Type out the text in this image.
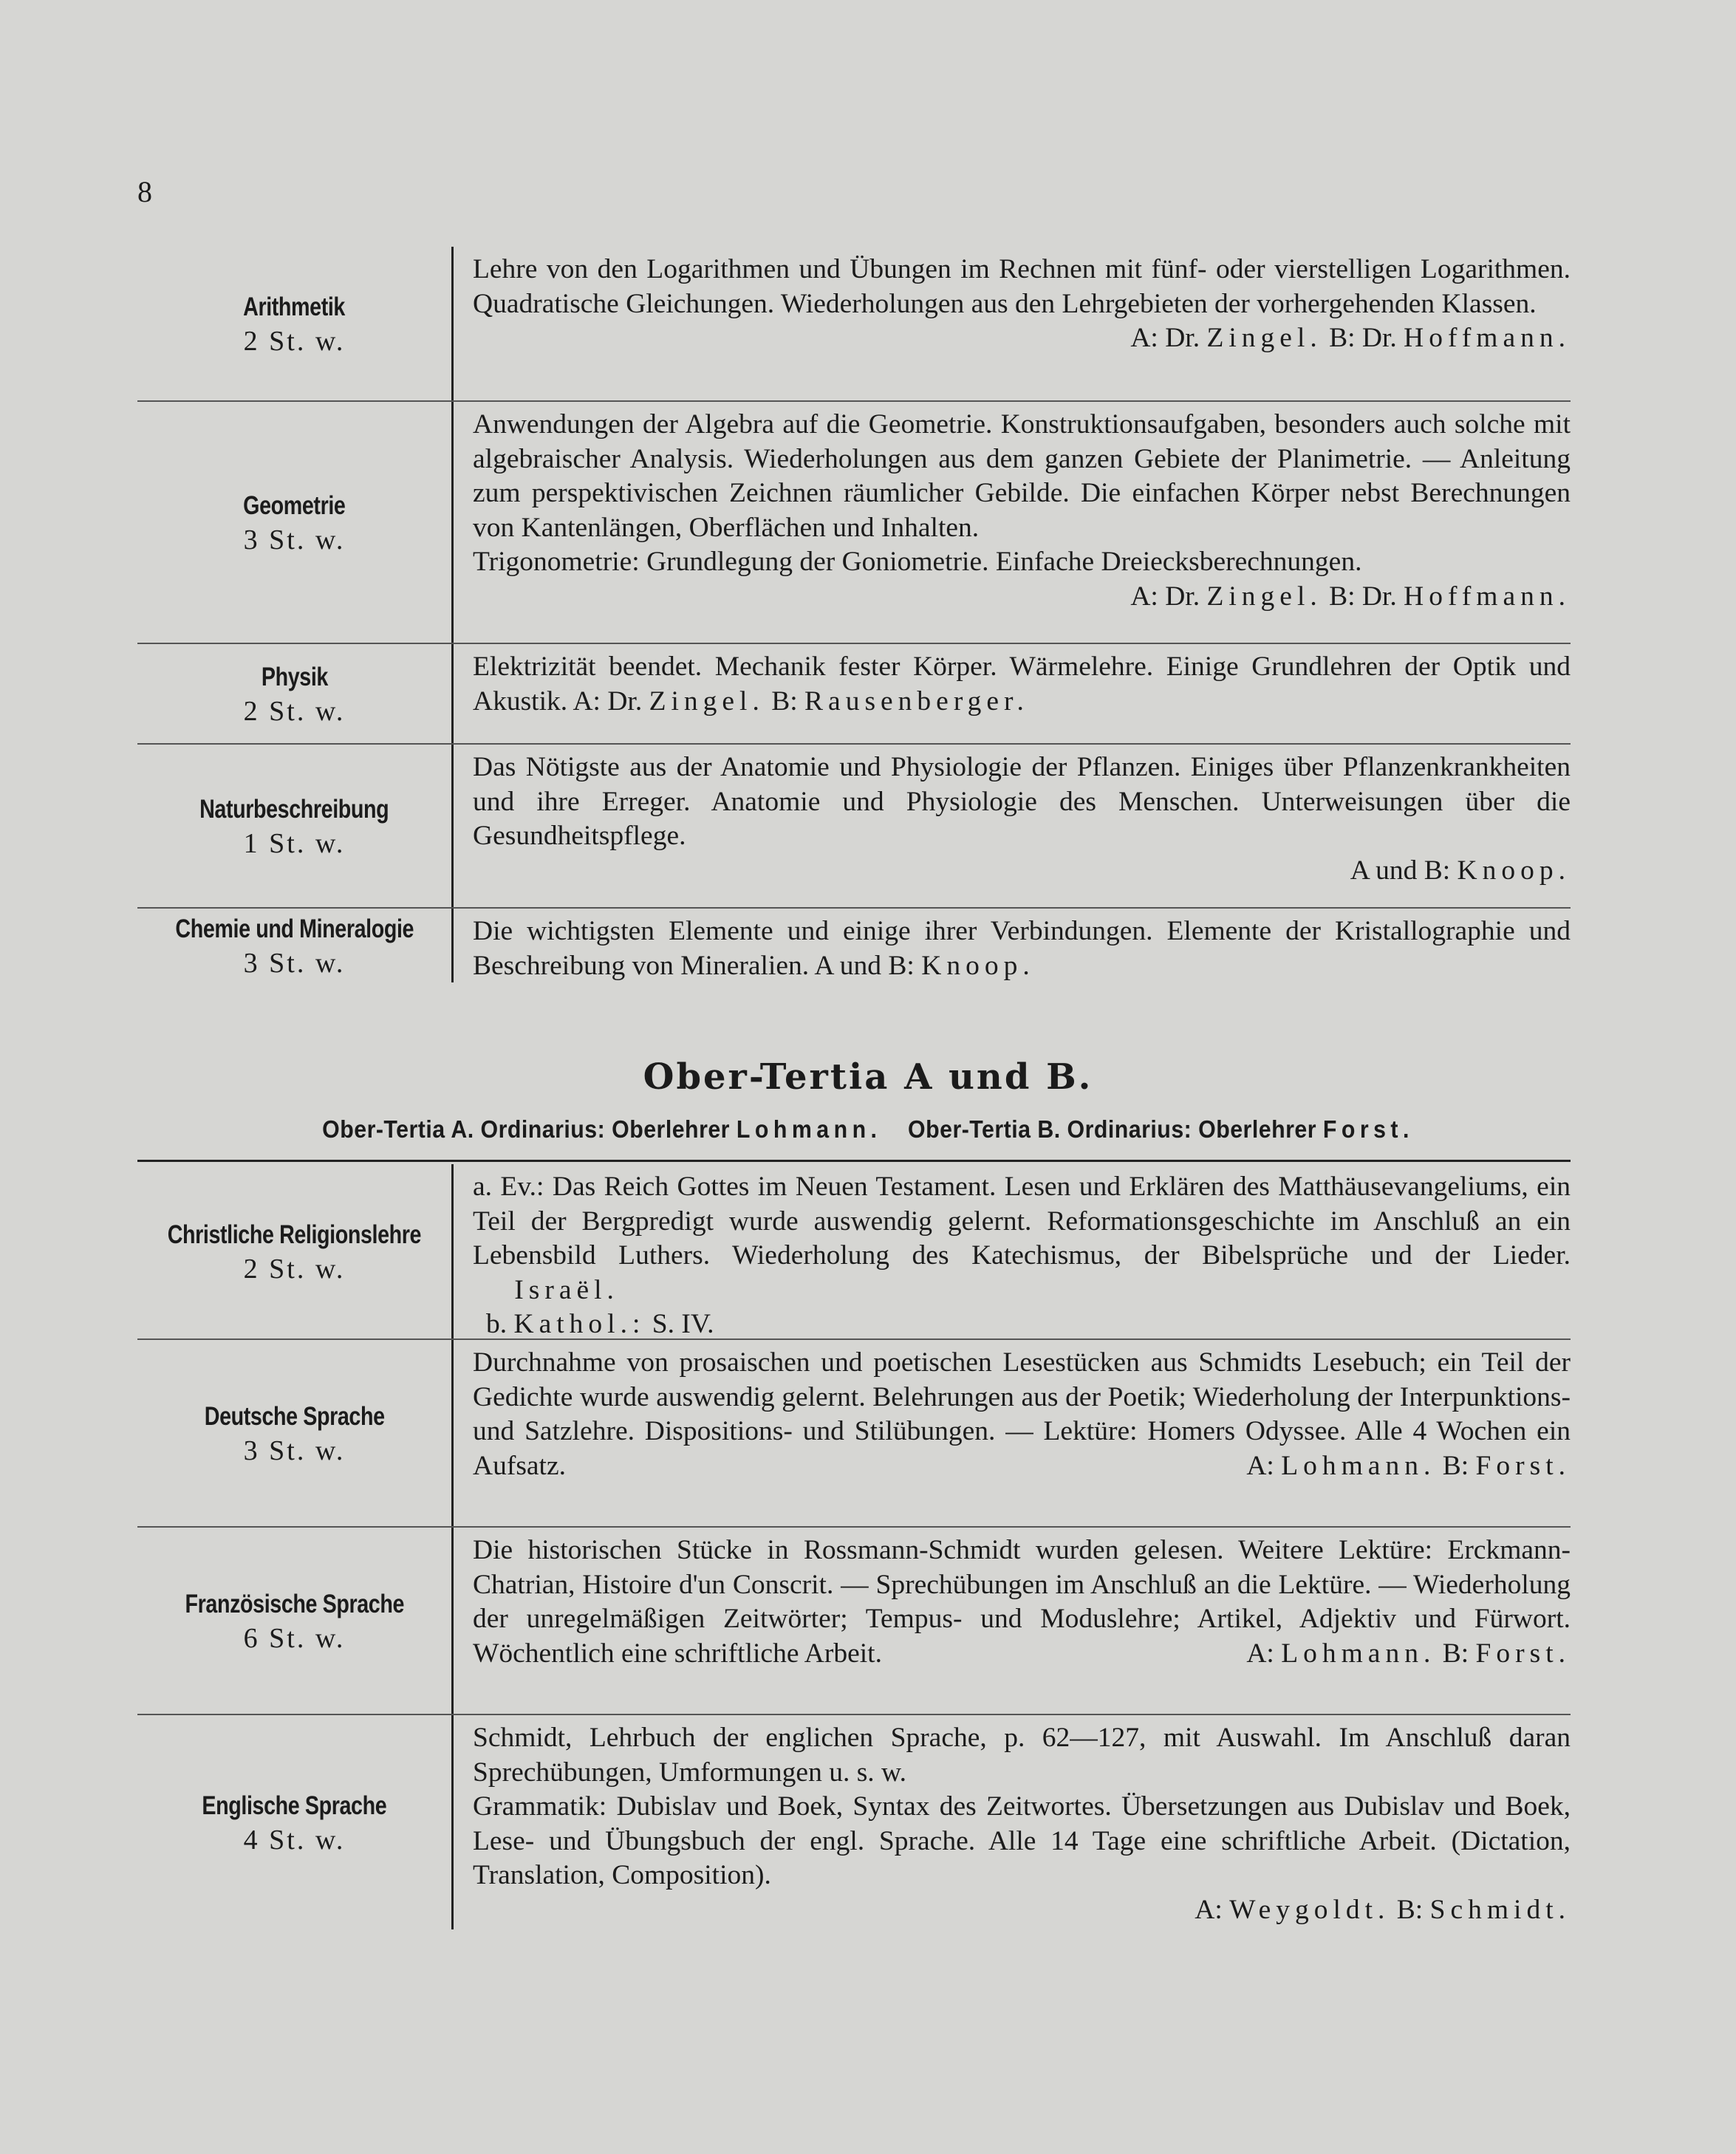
8
Arithmetik
2 St. w.
Lehre von den Logarithmen und Übungen im Rechnen mit fünf- oder vierstelligen Logarithmen. Quadratische Gleichungen. Wiederholungen aus den Lehrgebieten der vorhergehenden Klassen.
A: Dr. Zingel. B: Dr. Hoffmann.
Geometrie
3 St. w.
Anwendungen der Algebra auf die Geometrie. Konstruktionsaufgaben, besonders auch solche mit algebraischer Analysis. Wiederholungen aus dem ganzen Gebiete der Planimetrie. — Anleitung zum perspektivischen Zeichnen räumlicher Gebilde. Die einfachen Körper nebst Berechnungen von Kantenlängen, Oberflächen und Inhalten.
Trigonometrie: Grundlegung der Goniometrie. Einfache Dreiecksberechnungen.
A: Dr. Zingel. B: Dr. Hoffmann.
Physik
2 St. w.
Elektrizität beendet. Mechanik fester Körper. Wärmelehre. Einige Grundlehren der Optik und Akustik. A: Dr. Zingel. B: Rausenberger.
Naturbeschreibung
1 St. w.
Das Nötigste aus der Anatomie und Physiologie der Pflanzen. Einiges über Pflanzenkrankheiten und ihre Erreger. Anatomie und Physiologie des Menschen. Unterweisungen über die Gesundheitspflege.
A und B: Knoop.
Chemie und Mineralogie
3 St. w.
Die wichtigsten Elemente und einige ihrer Verbindungen. Elemente der Kristallographie und Beschreibung von Mineralien. A und B: Knoop.
Ober-Tertia A und B.
Ober-Tertia A. Ordinarius: Oberlehrer Lohmann. Ober-Tertia B. Ordinarius: Oberlehrer Forst.
Christliche Religionslehre
2 St. w.
a. Ev.: Das Reich Gottes im Neuen Testament. Lesen und Erklären des Matthäusevangeliums, ein Teil der Bergpredigt wurde auswendig gelernt. Reformationsgeschichte im Anschluß an ein Lebensbild Luthers. Wiederholung des Katechismus, der Bibelsprüche und der Lieder.       Israël.
b. Kathol.: S. IV.
Deutsche Sprache
3 St. w.
Durchnahme von prosaischen und poetischen Lesestücken aus Schmidts Lesebuch; ein Teil der Gedichte wurde auswendig gelernt. Belehrungen aus der Poetik; Wiederholung der Interpunktions- und Satzlehre. Dispositions- und Stilübungen. — Lektüre: Homers Odyssee. Alle 4 Wochen ein Aufsatz.	A: Lohmann. B: Forst.
Französische Sprache
6 St. w.
Die historischen Stücke in Rossmann-Schmidt wurden gelesen. Weitere Lektüre: Erckmann-Chatrian, Histoire d'un Conscrit. — Sprechübungen im Anschluß an die Lektüre. — Wiederholung der unregelmäßigen Zeitwörter; Tempus- und Moduslehre; Artikel, Adjektiv und Fürwort. Wöchentlich eine schriftliche Arbeit.	A: Lohmann. B: Forst.
Englische Sprache
4 St. w.
Schmidt, Lehrbuch der englichen Sprache, p. 62—127, mit Auswahl. Im Anschluß daran Sprechübungen, Umformungen u. s. w.
Grammatik: Dubislav und Boek, Syntax des Zeitwortes. Übersetzungen aus Dubislav und Boek, Lese- und Übungsbuch der engl. Sprache. Alle 14 Tage eine schriftliche Arbeit. (Dictation, Translation, Composition).
A: Weygoldt. B: Schmidt.
